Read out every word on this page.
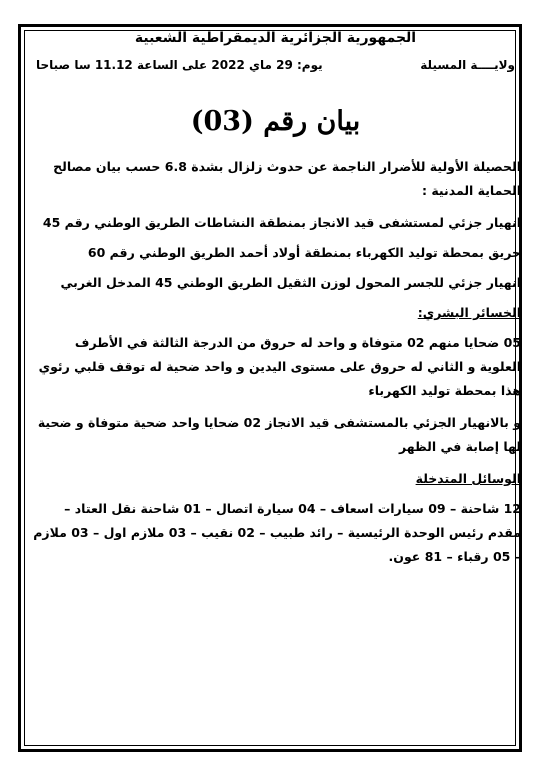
الجمهورية الجزائرية الديمقراطية الشعبية
ولايــــة المسيلة
يوم: 29 ماي 2022 على الساعة 11.12 سا صباحا
بيان رقم (03)

الحصيلة الأولية للأضرار الناجمة عن حدوث زلزال بشدة 6.8 حسب بيان مصالح الحماية المدنية :

انهيار جزئي لمستشفى قيد الانجاز بمنطقة النشاطات الطريق الوطني رقم 45

حريق بمحطة توليد الكهرباء بمنطقة أولاد أحمد الطريق الوطني رقم 60

انهيار جزئي للجسر المحول لوزن الثقيل الطريق الوطني 45 المدخل الغربي

الخسائر البشري:

05 ضحايا منهم 02 متوفاة و واحد له حروق من الدرجة الثالثة في الأطرف العلوية و الثاني له حروق على مستوى اليدين و واحد ضحية له توقف قلبي رئوي هذا بمحطة توليد الكهرباء

و بالانهيار الجزئي بالمستشفى قيد الانجاز 02 ضحايا واحد ضحية متوفاة و ضحية لها إصابة في الظهر

الوسائل المتدخلة

12 شاحنة – 09 سيارات اسعاف – 04 سيارة اتصال – 01 شاحنة نقل العتاد – مقدم رئيس الوحدة الرئيسية – رائد طبيب – 02 نقيب – 03 ملازم اول – 03 ملازم – 05 رقباء – 81 عون.
